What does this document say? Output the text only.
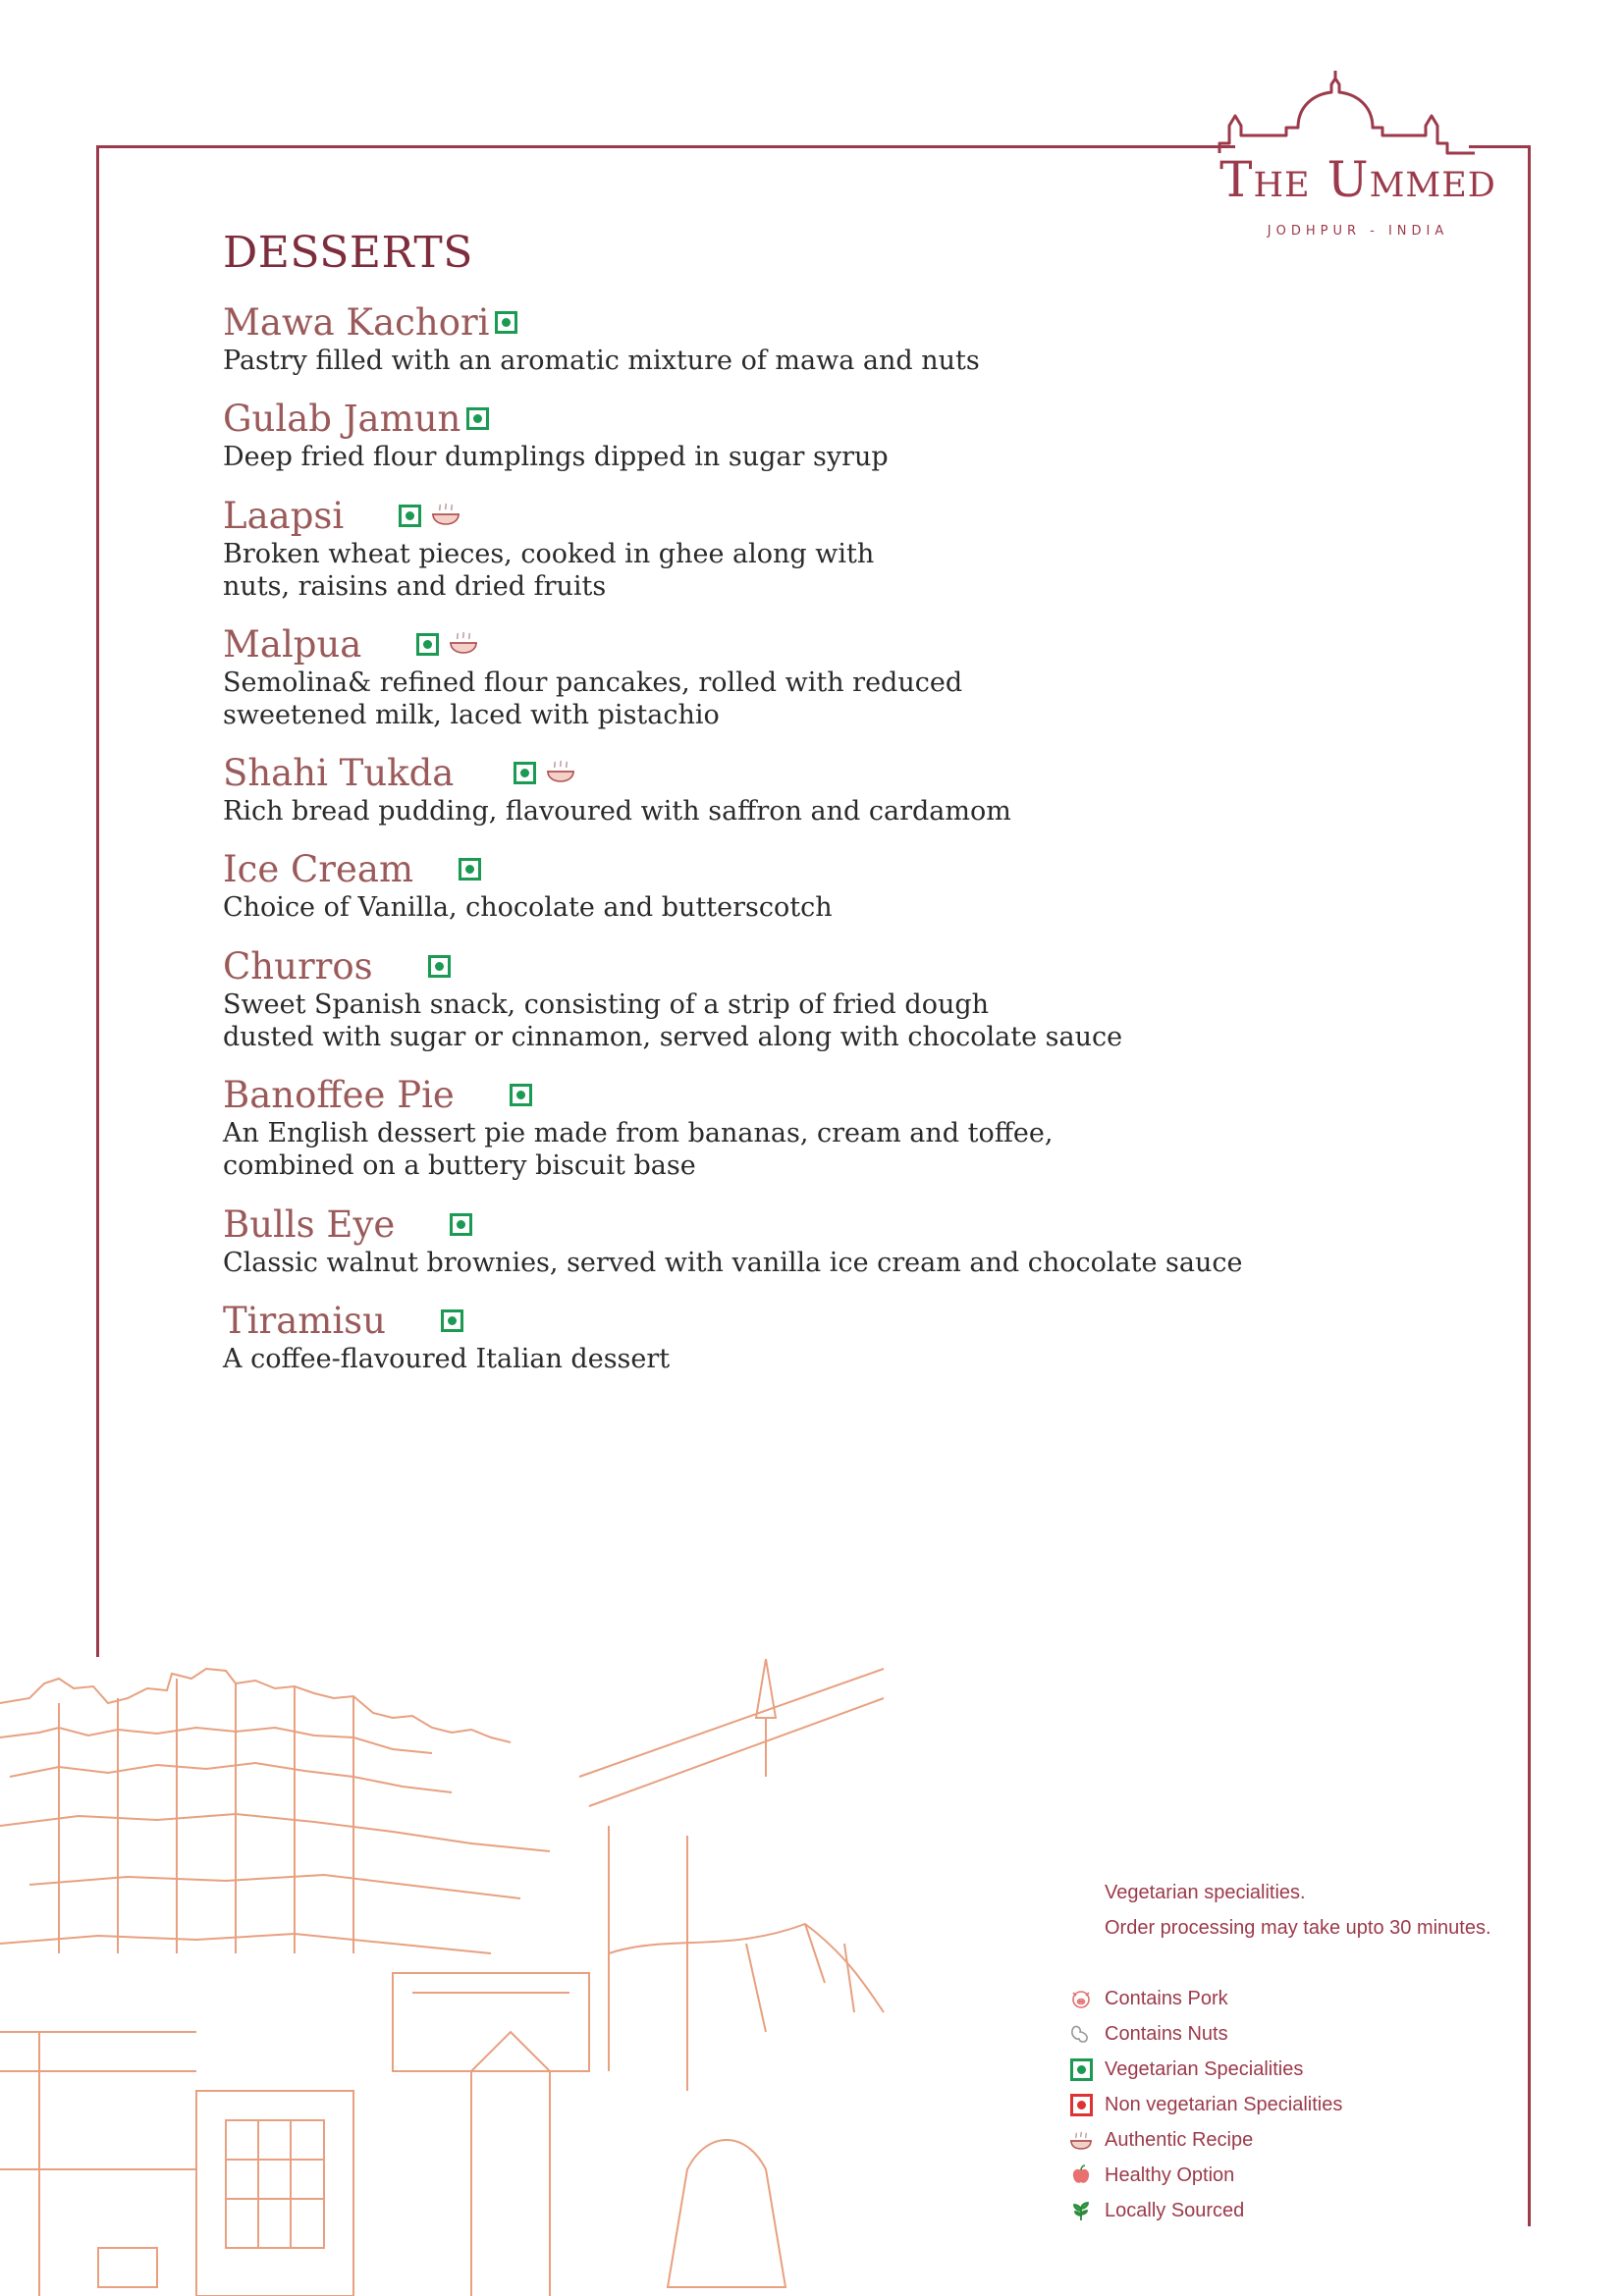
The Ummed
JODHPUR - INDIA
DESSERTS
Mawa Kachori
Pastry filled with an aromatic mixture of mawa and nuts
Gulab Jamun
Deep fried flour dumplings dipped in sugar syrup
Laapsi
Broken wheat pieces, cooked in ghee along with
nuts, raisins and dried fruits
Malpua
Semolina& refined flour pancakes, rolled with reduced
sweetened milk, laced with pistachio
Shahi Tukda
Rich bread pudding, flavoured with saffron and cardamom
Ice Cream
Choice of Vanilla, chocolate and butterscotch
Churros
Sweet Spanish snack, consisting of a strip of fried dough
dusted with sugar or cinnamon, served along with chocolate sauce
Banoffee Pie
An English dessert pie made from bananas, cream and toffee,
combined on a buttery biscuit base
Bulls Eye
Classic walnut brownies, served with vanilla ice cream and chocolate sauce
Tiramisu
A coffee-flavoured Italian dessert
Vegetarian specialities.
Order processing may take upto 30 minutes.
Contains Pork
Contains Nuts
Vegetarian Specialities
Non vegetarian Specialities
Authentic Recipe
Healthy Option
Locally Sourced
